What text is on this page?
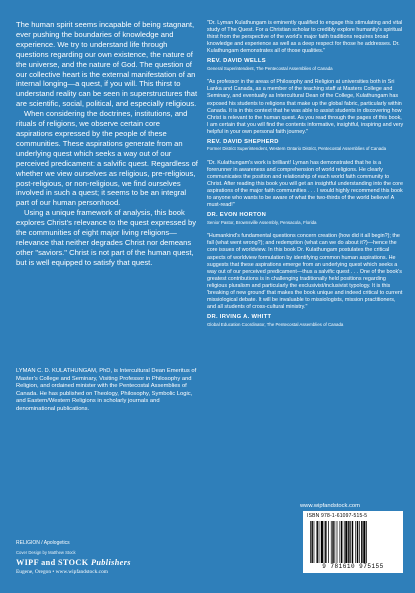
The human spirit seems incapable of being stagnant, ever pushing the boundaries of knowledge and experience. We try to understand life through questions regarding our own existence, the nature of the universe, and the nature of God. The question of our collective heart is the external manifestation of an internal longing—a quest, if you will. This thirst to understand reality can be seen in superstructures that are scientific, social, political, and especially religious.

When considering the doctrines, institutions, and rituals of religions, we observe certain core aspirations expressed by the people of these communities. These aspirations generate from an underlying quest which seeks a way out of our perceived predicament: a salvific quest. Regardless of whether we view ourselves as religious, pre-religious, post-religious, or non-religious, we find ourselves involved in such a quest; it seems to be an integral part of our human personhood.

Using a unique framework of analysis, this book explores Christ's relevance to the quest expressed by the communities of eight major living religions—relevance that neither degrades Christ nor demeans other "saviors." Christ is not part of the human quest, but is well equipped to satisfy that quest.

LYMAN C. D. KULATHUNGAM, PhD, is Intercultural Dean Emeritus of Master's College and Seminary, Visiting Professor in Philosophy and Religion, and ordained minister with the Pentecostal Assemblies of Canada. He has published on Theology, Philosophy, Symbolic Logic, and Eastern/Western Religions in scholarly journals and denominational publications.

"Dr. Lyman Kulathungam is eminently qualified to engage this stimulating and vital study of The Quest. For a Christian scholar to credibly explore humanity's spiritual thirst from the perspective of the world's major faith traditions requires broad knowledge and experience as well as a deep respect for those he addresses. Dr. Kulathungam demonstrates all of those qualities."

REV. DAVID WELLS
General Superintendent, The Pentecostal Assemblies of Canada

"As professor in the areas of Philosophy and Religion at universities both in Sri Lanka and Canada, as a member of the teaching staff at Masters College and Seminary, and eventually as Intercultural Dean of the College, Kulathungam has exposed his students to religions that make up the global fabric, particularly within Canada. It is in this context that he was able to assist students in discovering how Christ is relevant to the human quest. As you read through the pages of this book, I am certain that you will find the contents informative, insightful, inspiring and very helpful in your own personal faith journey."

REV. DAVID SHEPHERD
Former District Superintendent, Western Ontario District, Pentecostal Assemblies of Canada

"Dr. Kulathungam's work is brilliant! Lyman has demonstrated that he is a forerunner in awareness and comprehension of world religions. He clearly communicates the position and relationship of each world faith community to Christ. After reading this book you will get an insightful understanding into the core aspirations of the major faith communities . . . I would highly recommend this book to anyone who wants to be aware of what the two-thirds of the world believe! A must-read!"

DR. EVON HORTON
Senior Pastor, Brownsville Assembly, Pensacola, Florida

"Humankind's fundamental questions concern creation (how did it all begin?); the fall (what went wrong?); and redemption (what can we do about it?)—hence the core issues of worldview. In this book Dr. Kulathungam postulates the critical aspects of worldview formulation by identifying common human aspirations. He suggests that these aspirations emerge from an underlying quest which seeks a way out of our perceived predicament—thus a salvific quest . . . One of the book's greatest contributions is in challenging traditionally held positions regarding religious pluralism and particularly the exclusivist/inclusivist typology. It is this 'breaking of new ground' that makes the book unique and indeed critical to current missiological debate. It will be invaluable to missiologists, mission practitioners, and all students of cross-cultural ministry."

DR. IRVING A. WHITT
Global Education Coordinator, The Pentecostal Assemblies of Canada
RELIGION / Apologetics
Cover Design by Matthew Stock
WIPF and STOCK Publishers
Eugene, Oregon • www.wipfandstock.com
www.wipfandstock.com
ISBN 978-1-61097-515-5
9 781610 975155
